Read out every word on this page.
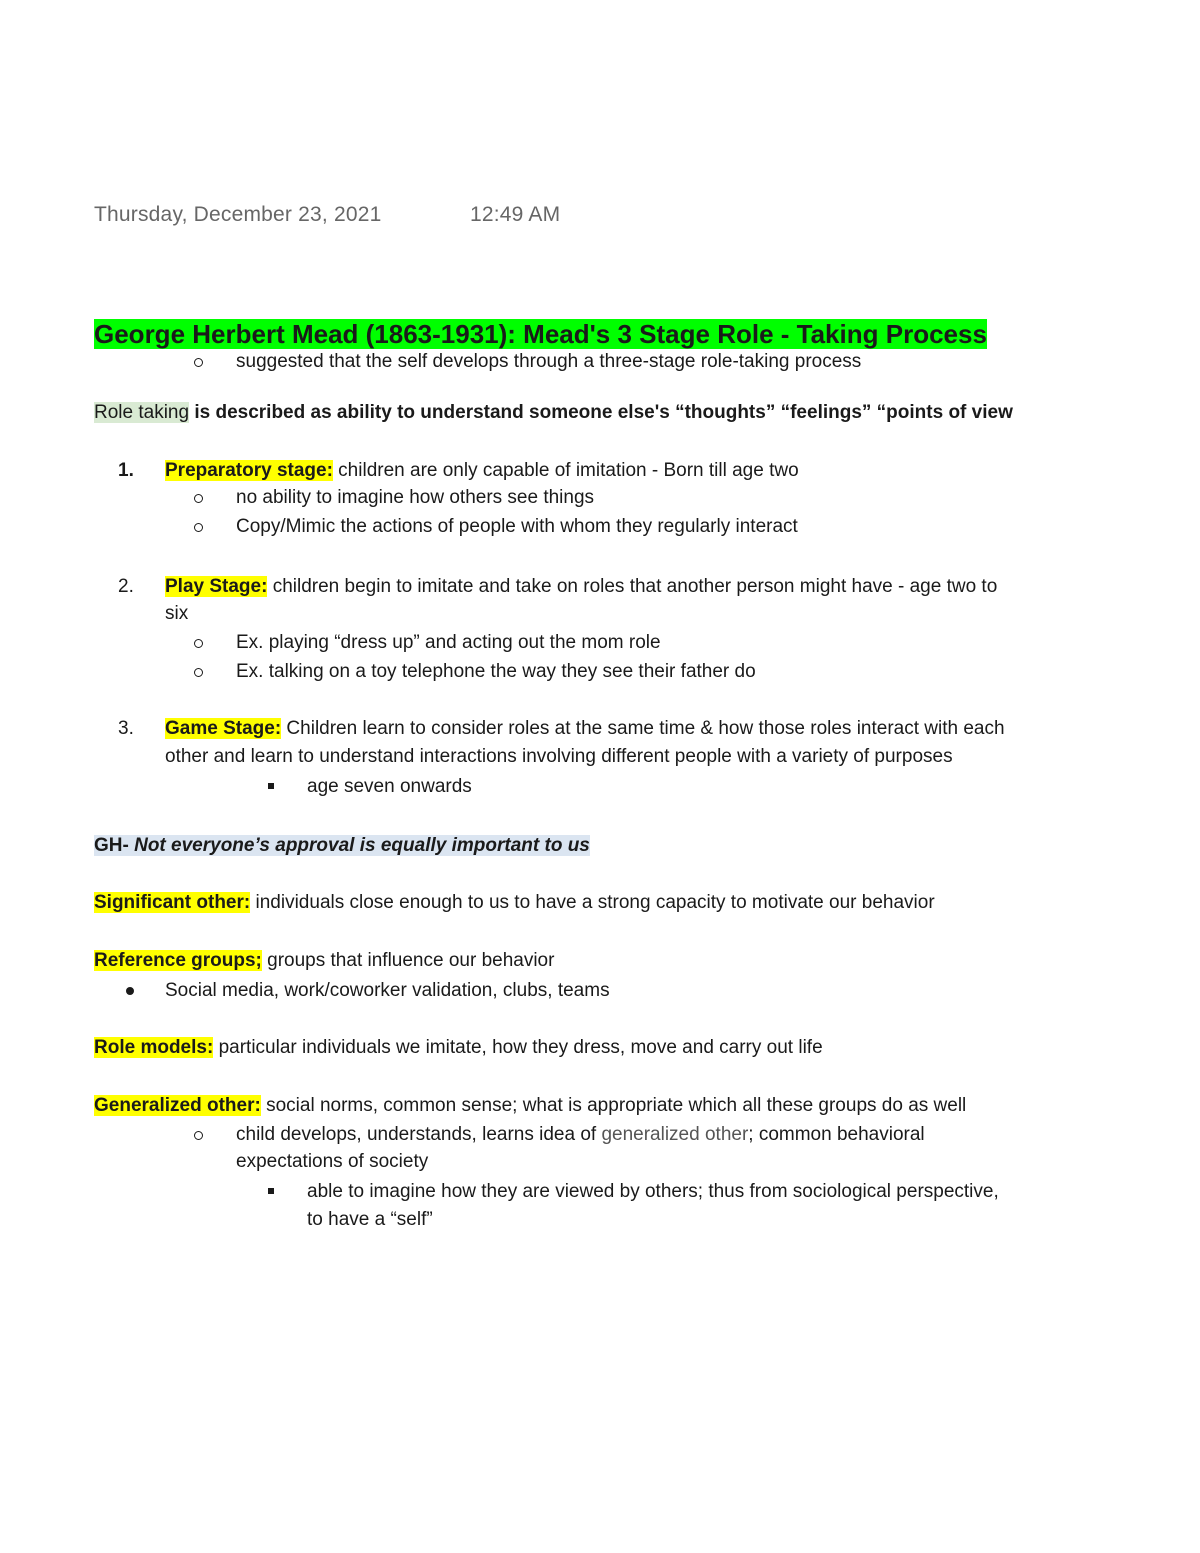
Thursday, December 23, 2021	12:49 AM
George Herbert Mead (1863-1931): Mead's 3 Stage Role - Taking Process
suggested that the self develops through a three-stage role-taking process
Role taking is described as ability to understand someone else's “thoughts” “feelings” “points of view
1. Preparatory stage: children are only capable of imitation - Born till age two
no ability to imagine how others see things
Copy/Mimic the actions of people with whom they regularly interact
2. Play Stage: children begin to imitate and take on roles that another person might have - age two to
six
Ex. playing “dress up” and acting out the mom role
Ex. talking on a toy telephone the way they see their father do
3. Game Stage: Children learn to consider roles at the same time & how those roles interact with each
other and learn to understand interactions involving different people with a variety of purposes
age seven onwards
GH- Not everyone’s approval is equally important to us
Significant other: individuals close enough to us to have a strong capacity to motivate our behavior
Reference groups; groups that influence our behavior
Social media, work/coworker validation, clubs, teams
Role models: particular individuals we imitate, how they dress, move and carry out life
Generalized other: social norms, common sense; what is appropriate which all these groups do as well
child develops, understands, learns idea of generalized other; common behavioral
expectations of society
able to imagine how they are viewed by others; thus from sociological perspective,
to have a “self”
